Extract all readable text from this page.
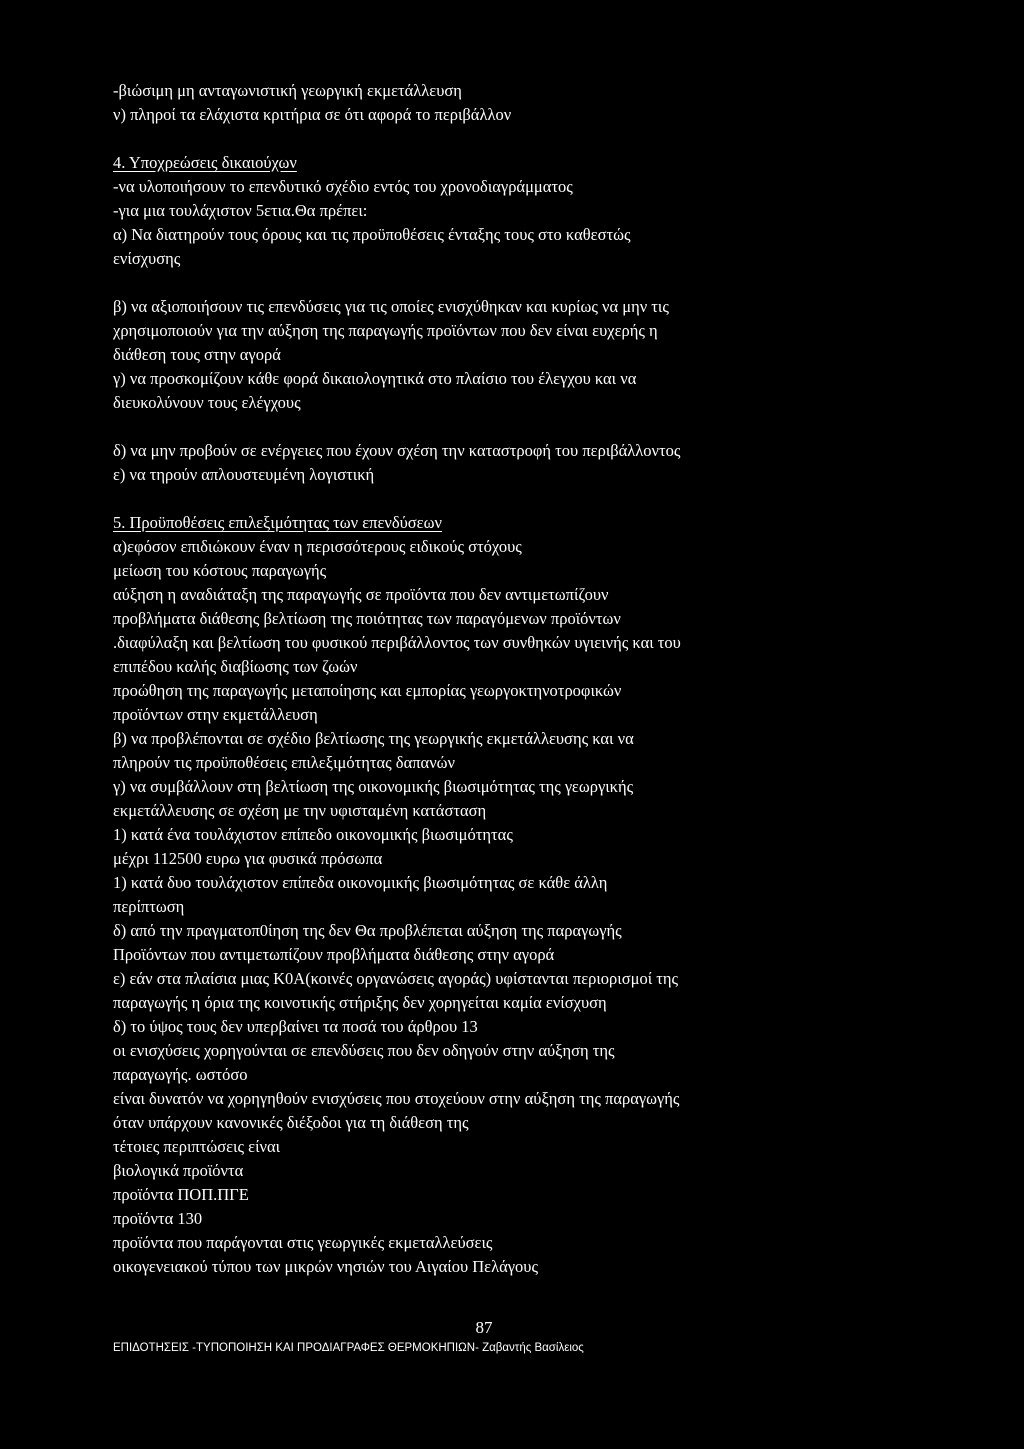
-βιώσιμη μη ανταγωνιστική γεωργική εκμετάλλευση
ν) πληροί τα ελάχιστα κριτήρια σε ότι αφορά το περιβάλλον
4. Υποχρεώσεις δικαιούχων
-να υλοποιήσουν το επενδυτικό σχέδιο εντός του χρονοδιαγράμματος
-για μια τουλάχιστον 5ετια.Θα πρέπει:
α) Να διατηρούν τους όρους και τις προϋποθέσεις ένταξης τους στο καθεστώς
ενίσχυσης
β) να αξιοποιήσουν τις επενδύσεις για τις οποίες ενισχύθηκαν και κυρίως να μην τις
χρησιμοποιούν για την αύξηση της παραγωγής προϊόντων που δεν είναι ευχερής η
διάθεση τους στην αγορά
γ) να προσκομίζουν κάθε φορά δικαιολογητικά στο πλαίσιο του έλεγχου και να
διευκολύνουν τους ελέγχους
δ) να μην προβούν σε ενέργειες που έχουν σχέση την καταστροφή του περιβάλλοντος
ε) να τηρούν απλουστευμένη λογιστική
5. Προϋποθέσεις επιλεξιμότητας των επενδύσεων
α)εφόσον επιδιώκουν έναν η περισσότερους ειδικούς στόχους
μείωση του κόστους παραγωγής
αύξηση η αναδιάταξη της παραγωγής σε προϊόντα που δεν αντιμετωπίζουν
προβλήματα διάθεσης βελτίωση της ποιότητας των παραγόμενων προϊόντων
.διαφύλαξη και βελτίωση του φυσικού περιβάλλοντος των συνθηκών υγιεινής και του
επιπέδου καλής διαβίωσης των ζωών
προώθηση της παραγωγής μεταποίησης και εμπορίας γεωργοκτηνοτροφικών
προϊόντων στην εκμετάλλευση
β) να προβλέπονται σε σχέδιο βελτίωσης της γεωργικής εκμετάλλευσης και να
πληρούν τις προϋποθέσεις επιλεξιμότητας δαπανών
γ) να συμβάλλουν στη βελτίωση της οικονομικής βιωσιμότητας της γεωργικής
εκμετάλλευσης σε σχέση με την υφισταμένη κατάσταση
1) κατά ένα τουλάχιστον επίπεδο οικονομικής βιωσιμότητας
μέχρι 112500 ευρω για φυσικά πρόσωπα
1) κατά δυο τουλάχιστον επίπεδα οικονομικής βιωσιμότητας σε κάθε άλλη
περίπτωση
δ) από την πραγματοπ0ίηση της δεν Θα προβλέπεται αύξηση της παραγωγής
Προϊόντων που αντιμετωπίζουν προβλήματα διάθεσης στην αγορά
ε) εάν στα πλαίσια μιας Κ0Α(κοινές οργανώσεις αγοράς) υφίστανται περιορισμοί της
παραγωγής η όρια της κοινοτικής στήριξης δεν χορηγείται καμία ενίσχυση
δ) το ύψος τους δεν υπερβαίνει τα ποσά του άρθρου 13
οι ενισχύσεις χορηγούνται σε επενδύσεις που δεν οδηγούν στην αύξηση της
παραγωγής. ωστόσο
είναι δυνατόν να χορηγηθούν ενισχύσεις που στοχεύουν στην αύξηση της παραγωγής
όταν υπάρχουν κανονικές διέξοδοι για τη διάθεση της
τέτοιες περιπτώσεις είναι
βιολογικά προϊόντα
προϊόντα ΠΟΠ.ΠΓΕ
προϊόντα 130
προϊόντα που παράγονται στις γεωργικές εκμεταλλεύσεις
οικογενειακού τύπου των μικρών νησιών του Αιγαίου Πελάγους
87
ΕΠΙΔΟΤΗΣΕΙΣ -ΤΥΠΟΠΟΙΗΣΗ ΚΑΙ ΠΡΟΔΙΑΓΡΑΦΕΣ ΘΕΡΜΟΚΗΠΙΩΝ- Ζαβαντής Βασίλειος
